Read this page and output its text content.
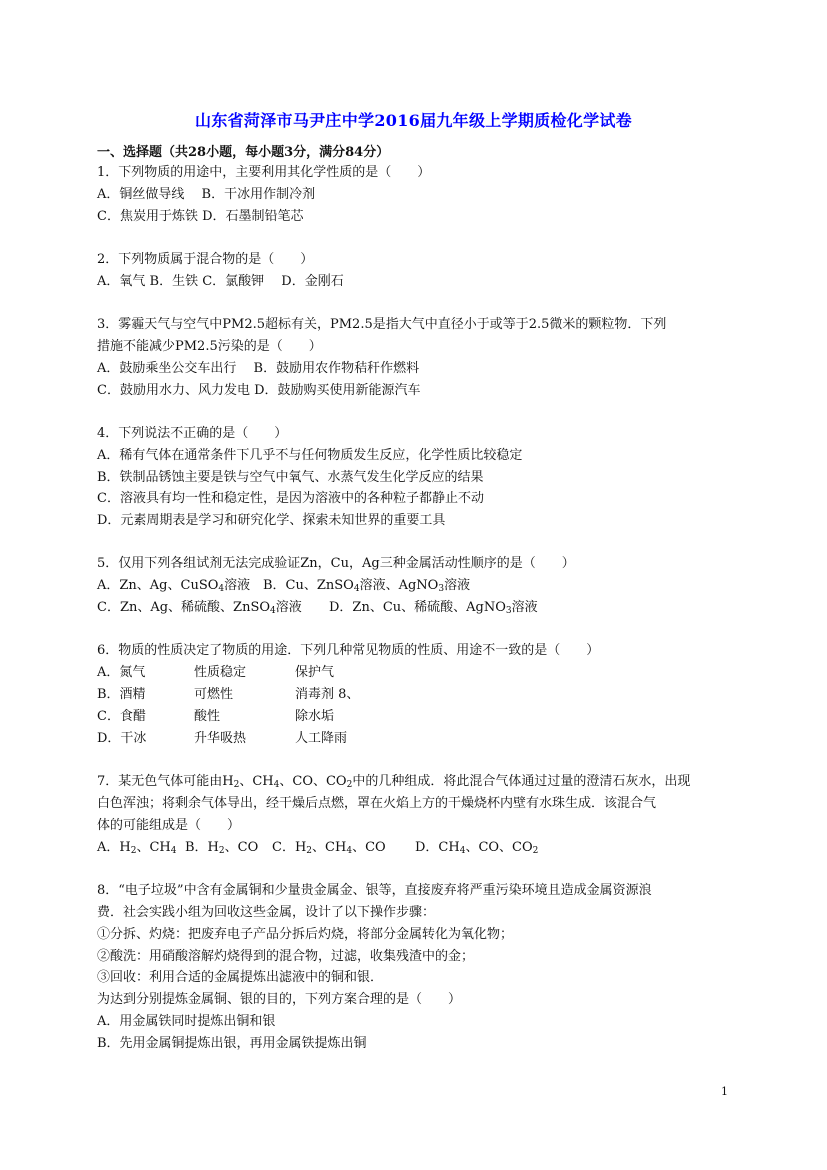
山东省菏泽市马尹庄中学2016届九年级上学期质检化学试卷
一、选择题（共28小题，每小题3分，满分84分）
1．下列物质的用途中，主要利用其化学性质的是（　　）
A．铜丝做导线　 B．干冰用作制冷剂
C．焦炭用于炼铁 D．石墨制铅笔芯
2．下列物质属于混合物的是（　　）
A．氧气 B．生铁 C．氯酸钾　 D．金刚石
3．雾霾天气与空气中PM2.5超标有关，PM2.5是指大气中直径小于或等于2.5微米的颗粒物．下列
措施不能减少PM2.5污染的是（　　）
A．鼓励乘坐公交车出行　 B．鼓励用农作物秸秆作燃料
C．鼓励用水力、风力发电 D．鼓励购买使用新能源汽车
4．下列说法不正确的是（　　）
A．稀有气体在通常条件下几乎不与任何物质发生反应，化学性质比较稳定
B．铁制品锈蚀主要是铁与空气中氧气、水蒸气发生化学反应的结果
C．溶液具有均一性和稳定性，是因为溶液中的各种粒子都静止不动
D．元素周期表是学习和研究化学、探索未知世界的重要工具
5．仅用下列各组试剂无法完成验证Zn，Cu，Ag三种金属活动性顺序的是（　　）
A．Zn、Ag、CuSO$_4$溶液 B．Cu、ZnSO$_4$溶液、AgNO$_3$溶液
C．Zn、Ag、稀硫酸、ZnSO$_4$溶液 D．Zn、Cu、稀硫酸、AgNO$_3$溶液
6．物质的性质决定了物质的用途．下列几种常见物质的性质、用途不一致的是（　　）
A．氮气	性质稳定	保护气
B．酒精	可燃性	消毒剂 8、
C．食醋	酸性	除水垢
D．干冰	升华吸热	人工降雨
7．某无色气体可能由$H_2$、$CH_4$、CO、$CO_2$中的几种组成．将此混合气体通过过量的澄清石灰水，出现
白色浑浊；将剩余气体导出，经干燥后点燃，罩在火焰上方的干燥烧杯内壁有水珠生成．该混合气
体的可能组成是（　　）
A．$H_2$、$CH_4$ B．$H_2$、CO C．$H_2$、$CH_4$、CO D．$CH_4$、CO、$CO_2$
8．“电子垃圾”中含有金属铜和少量贵金属金、银等，直接废弃将严重污染环境且造成金属资源浪
费．社会实践小组为回收这些金属，设计了以下操作步骤：
①分拆、灼烧：把废弃电子产品分拆后灼烧，将部分金属转化为氧化物；
②酸洗：用硝酸溶解灼烧得到的混合物，过滤，收集残渣中的金；
③回收：利用合适的金属提炼出滤液中的铜和银．
为达到分别提炼金属铜、银的目的，下列方案合理的是（　　）
A．用金属铁同时提炼出铜和银
B．先用金属铜提炼出银，再用金属铁提炼出铜
1
